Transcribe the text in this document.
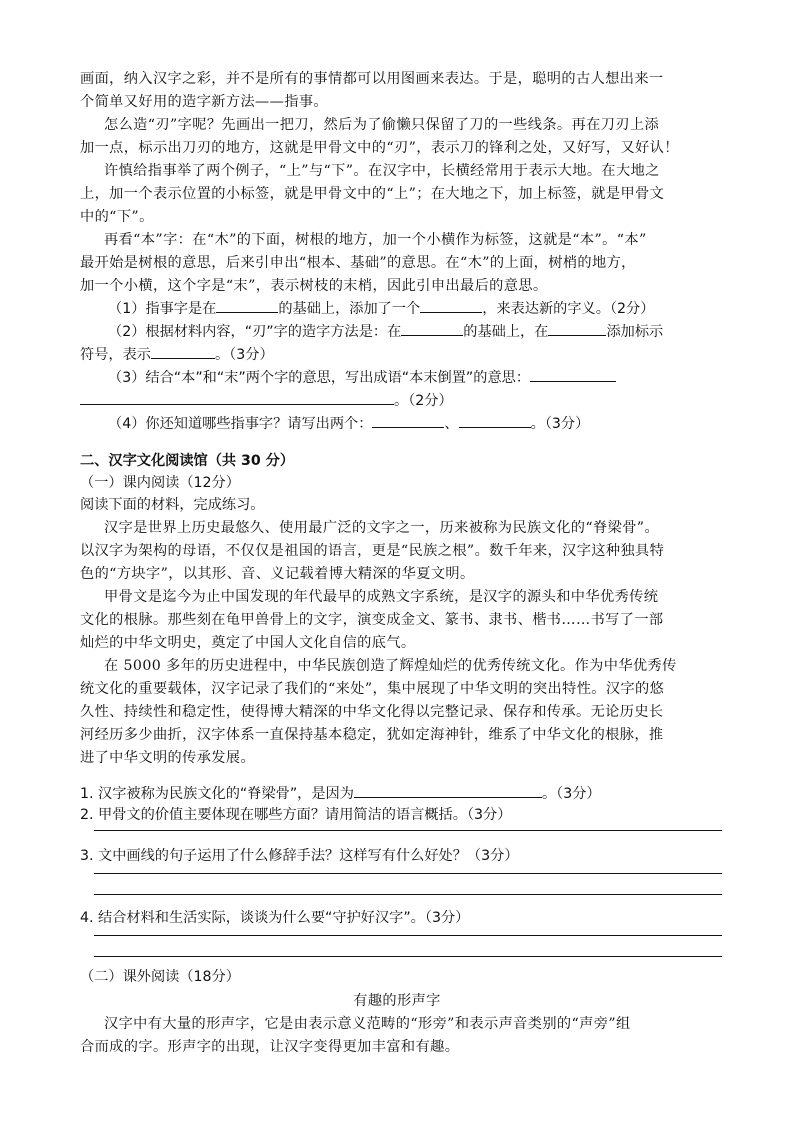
画面，纳入汉字之彩，并不是所有的事情都可以用图画来表达。于是，聪明的古人想出来一
个简单又好用的造字新方法——指事。
怎么造“刃”字呢？先画出一把刀，然后为了偷懒只保留了刀的一些线条。再在刀刃上添
加一点，标示出刀刃的地方，这就是甲骨文中的“刃”，表示刀的锋利之处，又好写，又好认！
许慎给指事举了两个例子，“上”与“下”。在汉字中，长横经常用于表示大地。在大地之
上，加一个表示位置的小标签，就是甲骨文中的“上”；在大地之下，加上标签，就是甲骨文
中的“下”。
再看“本”字：在“木”的下面，树根的地方，加一个小横作为标签，这就是“本”。“本”
最开始是树根的意思，后来引申出“根本、基础”的意思。在“木”的上面，树梢的地方，
加一个小横，这个字是“末”，表示树枝的末梢，因此引申出最后的意思。
（1）指事字是在	的基础上，添加了一个	，来表达新的字义。（2分）
（2）根据材料内容，“刃”字的造字方法是：在	的基础上，在	添加标示
符号，表示	。（3分）
（3）结合“本”和“末”两个字的意思，写出成语“本末倒置”的意思：
。（2分）
（4）你还知道哪些指事字？请写出两个：	、	。（3分）
二、汉字文化阅读馆（共 30 分）
（一）课内阅读（12分）
阅读下面的材料，完成练习。
汉字是世界上历史最悠久、使用最广泛的文字之一，历来被称为民族文化的“脊梁骨”。
以汉字为架构的母语，不仅仅是祖国的语言，更是“民族之根”。数千年来，汉字这种独具特
色的“方块字”，以其形、音、义记载着博大精深的华夏文明。
甲骨文是迄今为止中国发现的年代最早的成熟文字系统，是汉字的源头和中华优秀传统
文化的根脉。那些刻在龟甲兽骨上的文字，演变成金文、篆书、隶书、楷书……书写了一部
灿烂的中华文明史，奠定了中国人文化自信的底气。
在 5000 多年的历史进程中，中华民族创造了辉煌灿烂的优秀传统文化。作为中华优秀传
统文化的重要载体，汉字记录了我们的“来处”，集中展现了中华文明的突出特性。汉字的悠
久性、持续性和稳定性，使得博大精深的中华文化得以完整记录、保存和传承。无论历史长
河经历多少曲折，汉字体系一直保持基本稳定，犹如定海神针，维系了中华文化的根脉，推
进了中华文明的传承发展。
1. 汉字被称为民族文化的“脊梁骨”，是因为	。（3分）
2. 甲骨文的价值主要体现在哪些方面？请用简洁的语言概括。（3分）
3. 文中画线的句子运用了什么修辞手法？这样写有什么好处？（3分）
4. 结合材料和生活实际，谈谈为什么要“守护好汉字”。（3分）
（二）课外阅读（18分）
有趣的形声字
汉字中有大量的形声字，它是由表示意义范畴的“形旁”和表示声音类别的“声旁”组
合而成的字。形声字的出现，让汉字变得更加丰富和有趣。
